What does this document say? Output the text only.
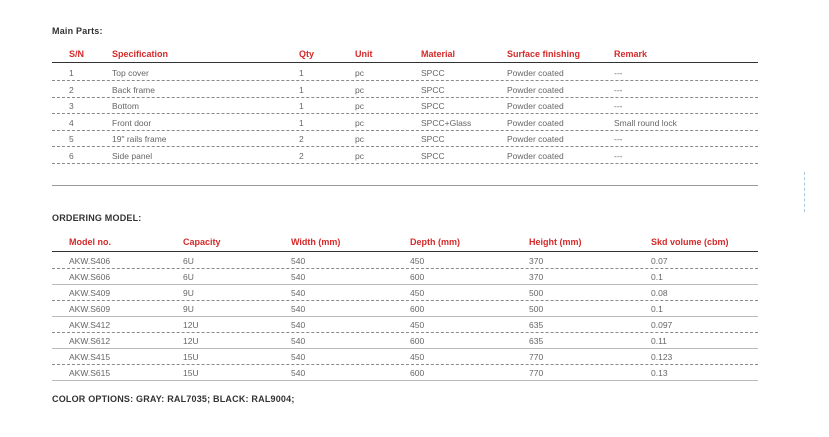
Main Parts:
S/N	Specification	Qty	Unit	Material	Surface finishing	Remark
1	Top cover	1	pc	SPCC	Powder coated	---
2	Back frame	1	pc	SPCC	Powder coated	---
3	Bottom	1	pc	SPCC	Powder coated	---
4	Front door	1	pc	SPCC+Glass	Powder coated	Small round lock
5	19" rails frame	2	pc	SPCC	Powder coated	---
6	Side panel	2	pc	SPCC	Powder coated	---
ORDERING MODEL:
Model no.	Capacity	Width (mm)	Depth (mm)	Height (mm)	Skd volume (cbm)
AKW.S406	6U	540	450	370	0.07
AKW.S606	6U	540	600	370	0.1
AKW.S409	9U	540	450	500	0.08
AKW.S609	9U	540	600	500	0.1
AKW.S412	12U	540	450	635	0.097
AKW.S612	12U	540	600	635	0.11
AKW.S415	15U	540	450	770	0.123
AKW.S615	15U	540	600	770	0.13
COLOR OPTIONS: GRAY: RAL7035; BLACK: RAL9004;
